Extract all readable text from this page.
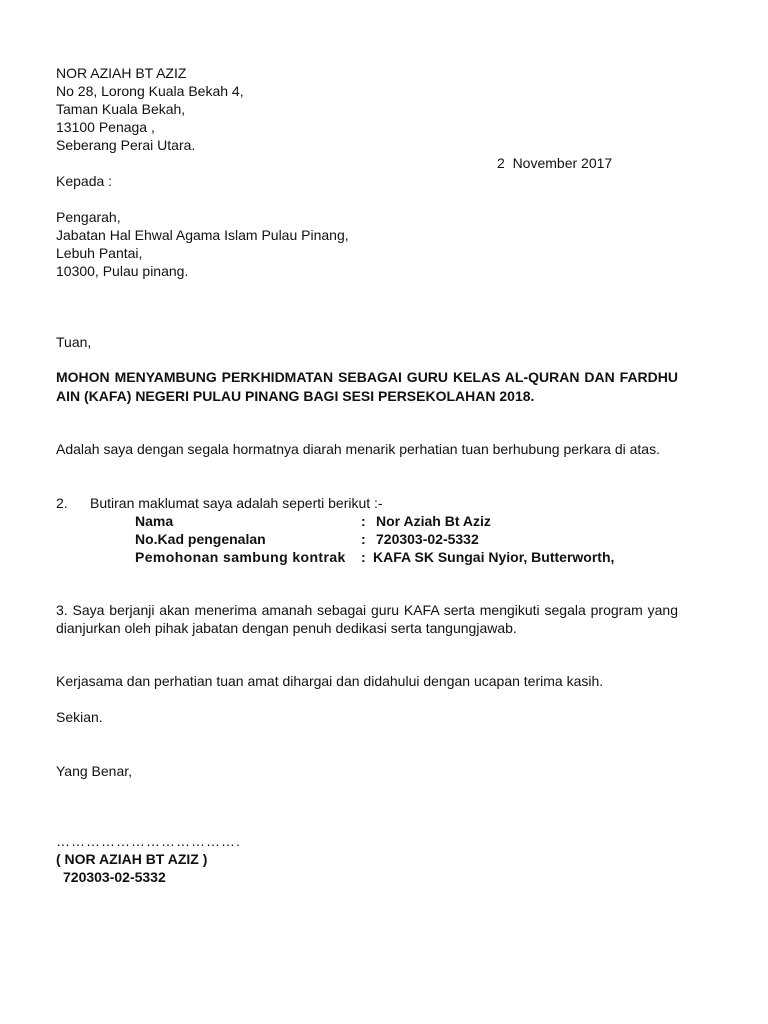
NOR AZIAH BT AZIZ
No 28, Lorong Kuala Bekah 4,
Taman Kuala Bekah,
13100 Penaga ,
Seberang Perai Utara.
2  November 2017
Kepada :
Pengarah,
Jabatan Hal Ehwal Agama Islam Pulau Pinang,
Lebuh Pantai,
10300, Pulau pinang.
Tuan,
MOHON MENYAMBUNG PERKHIDMATAN SEBAGAI GURU KELAS AL-QURAN DAN FARDHU AIN (KAFA) NEGERI PULAU PINANG BAGI SESI PERSEKOLAHAN 2018.
Adalah saya dengan segala hormatnya diarah menarik perhatian tuan berhubung perkara di atas.
2. Butiran maklumat saya adalah seperti berikut :-
Nama	: Nor Aziah Bt Aziz
No.Kad pengenalan	: 720303-02-5332
Pemohonan sambung kontrak : KAFA SK Sungai Nyior, Butterworth,
3. Saya berjanji akan menerima amanah sebagai guru KAFA serta mengikuti segala program yang dianjurkan oleh pihak jabatan dengan penuh dedikasi serta tangungjawab.
Kerjasama dan perhatian tuan amat dihargai dan didahului dengan ucapan terima kasih.
Sekian.
Yang Benar,
……………………………….
( NOR AZIAH BT AZIZ )
720303-02-5332
